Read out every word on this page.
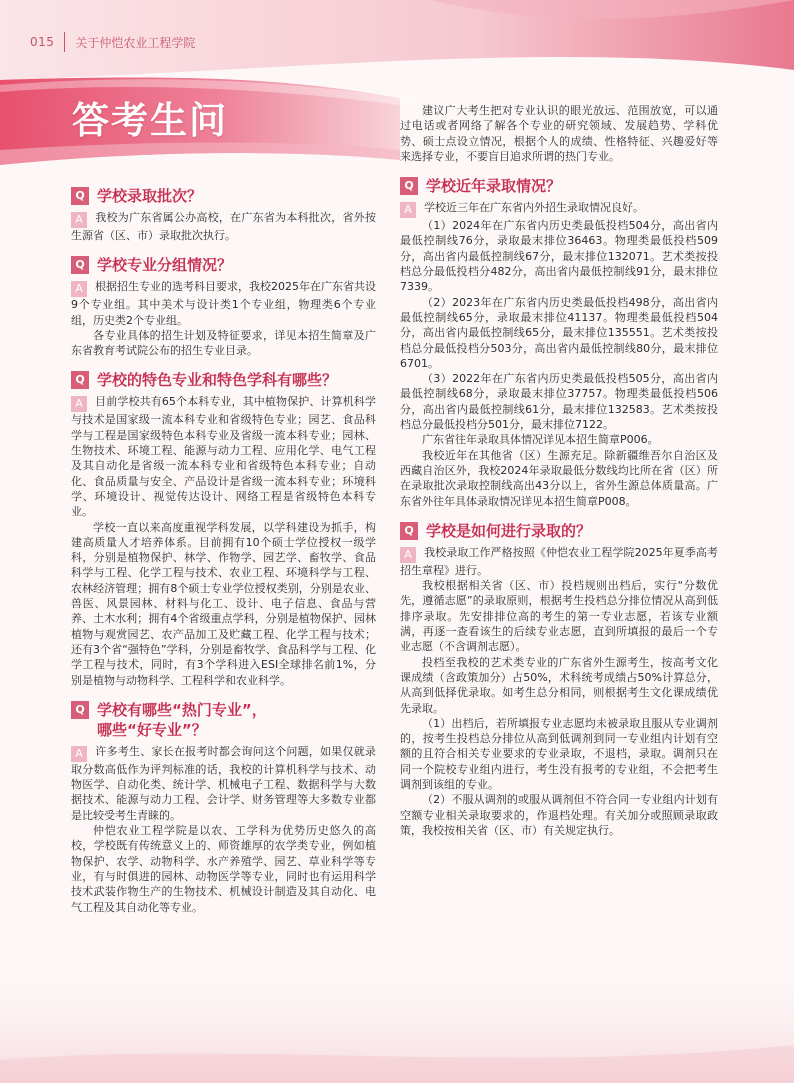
015 关于仲恺农业工程学院
答考生问
Q 学校录取批次？

A 我校为广东省属公办高校，在广东省为本科批次，省外按生源省（区、市）录取批次执行。

Q 学校专业分组情况？

A 根据招生专业的选考科目要求，我校2025年在广东省共设9个专业组。其中美术与设计类1个专业组，物理类6个专业组，历史类2个专业组。

各专业具体的招生计划及特征要求，详见本招生简章及广东省教育考试院公布的招生专业目录。

Q 学校的特色专业和特色学科有哪些？

A 目前学校共有65个本科专业，其中植物保护、计算机科学与技术是国家级一流本科专业和省级特色专业；园艺、食品科学与工程是国家级特色本科专业及省级一流本科专业；园林、生物技术、环境工程、能源与动力工程、应用化学、电气工程及其自动化是省级一流本科专业和省级特色本科专业；自动化、食品质量与安全、产品设计是省级一流本科专业；环境科学、环境设计、视觉传达设计、网络工程是省级特色本科专业。

学校一直以来高度重视学科发展，以学科建设为抓手，构建高质量人才培养体系。目前拥有10个硕士学位授权一级学科，分别是植物保护、林学、作物学、园艺学、畜牧学、食品科学与工程、化学工程与技术、农业工程、环境科学与工程、农林经济管理；拥有8个硕士专业学位授权类别，分别是农业、兽医、风景园林、材料与化工、设计、电子信息、食品与营养、土木水利；拥有4个省级重点学科，分别是植物保护、园林植物与观赏园艺、农产品加工及贮藏工程、化学工程与技术；还有3个省“强特色”学科，分别是畜牧学、食品科学与工程、化学工程与技术，同时，有3个学科进入ESI全球排名前1%，分别是植物与动物科学、工程科学和农业科学。

Q 学校有哪些“热门专业”，
哪些“好专业”？

A 许多考生、家长在报考时都会询问这个问题，如果仅就录取分数高低作为评判标准的话，我校的计算机科学与技术、动物医学、自动化类、统计学、机械电子工程、数据科学与大数据技术、能源与动力工程、会计学、财务管理等大多数专业都是比较受考生青睐的。

仲恺农业工程学院是以农、工学科为优势历史悠久的高校，学校既有传统意义上的、师资雄厚的农学类专业，例如植物保护、农学、动物科学、水产养殖学、园艺、草业科学等专业，有与时俱进的园林、动物医学等专业，同时也有运用科学技术武装作物生产的生物技术、机械设计制造及其自动化、电气工程及其自动化等专业。

建议广大考生把对专业认识的眼光放远、范围放宽，可以通过电话或者网络了解各个专业的研究领域、发展趋势、学科优势、硕士点设立情况，根据个人的成绩、性格特征、兴趣爱好等来选择专业，不要盲目追求所谓的热门专业。

Q 学校近年录取情况？

A 学校近三年在广东省内外招生录取情况良好。

（1）2024年在广东省内历史类最低投档504分，高出省内最低控制线76分，录取最末排位36463。物理类最低投档509分，高出省内最低控制线67分，最末排位132071。艺术类按投档总分最低投档分482分，高出省内最低控制线91分，最末排位7339。

（2）2023年在广东省内历史类最低投档498分，高出省内最低控制线65分，录取最末排位41137。物理类最低投档504分，高出省内最低控制线65分，最末排位135551。艺术类按投档总分最低投档分503分，高出省内最低控制线80分，最末排位6701。

（3）2022年在广东省内历史类最低投档505分，高出省内最低控制线68分，录取最末排位37757。物理类最低投档506分，高出省内最低控制线61分，最末排位132583。艺术类按投档总分最低投档分501分，最末排位7122。

广东省往年录取具体情况详见本招生简章P006。

我校近年在其他省（区）生源充足。除新疆维吾尔自治区及西藏自治区外，我校2024年录取最低分数线均比所在省（区）所在录取批次录取控制线高出43分以上，省外生源总体质量高。广东省外往年具体录取情况详见本招生简章P008。

Q 学校是如何进行录取的？

A 我校录取工作严格按照《仲恺农业工程学院2025年夏季高考招生章程》进行。

我校根据相关省（区、市）投档规则出档后，实行“分数优先，遵循志愿”的录取原则，根据考生投档总分排位情况从高到低排序录取。先安排排位高的考生的第一专业志愿，若该专业额满，再逐一查看该生的后续专业志愿，直到所填报的最后一个专业志愿（不含调剂志愿）。

投档至我校的艺术类专业的广东省外生源考生，按高考文化课成绩（含政策加分）占50%，术科统考成绩占50%计算总分，从高到低择优录取。如考生总分相同，则根据考生文化课成绩优先录取。

（1）出档后，若所填报专业志愿均未被录取且服从专业调剂的，按考生投档总分排位从高到低调剂到同一专业组内计划有空额的且符合相关专业要求的专业录取，不退档，录取。调剂只在同一个院校专业组内进行，考生没有报考的专业组，不会把考生调剂到该组的专业。

（2）不服从调剂的或服从调剂但不符合同一专业组内计划有空额专业相关录取要求的，作退档处理。有关加分或照顾录取政策，我校按相关省（区、市）有关规定执行。
